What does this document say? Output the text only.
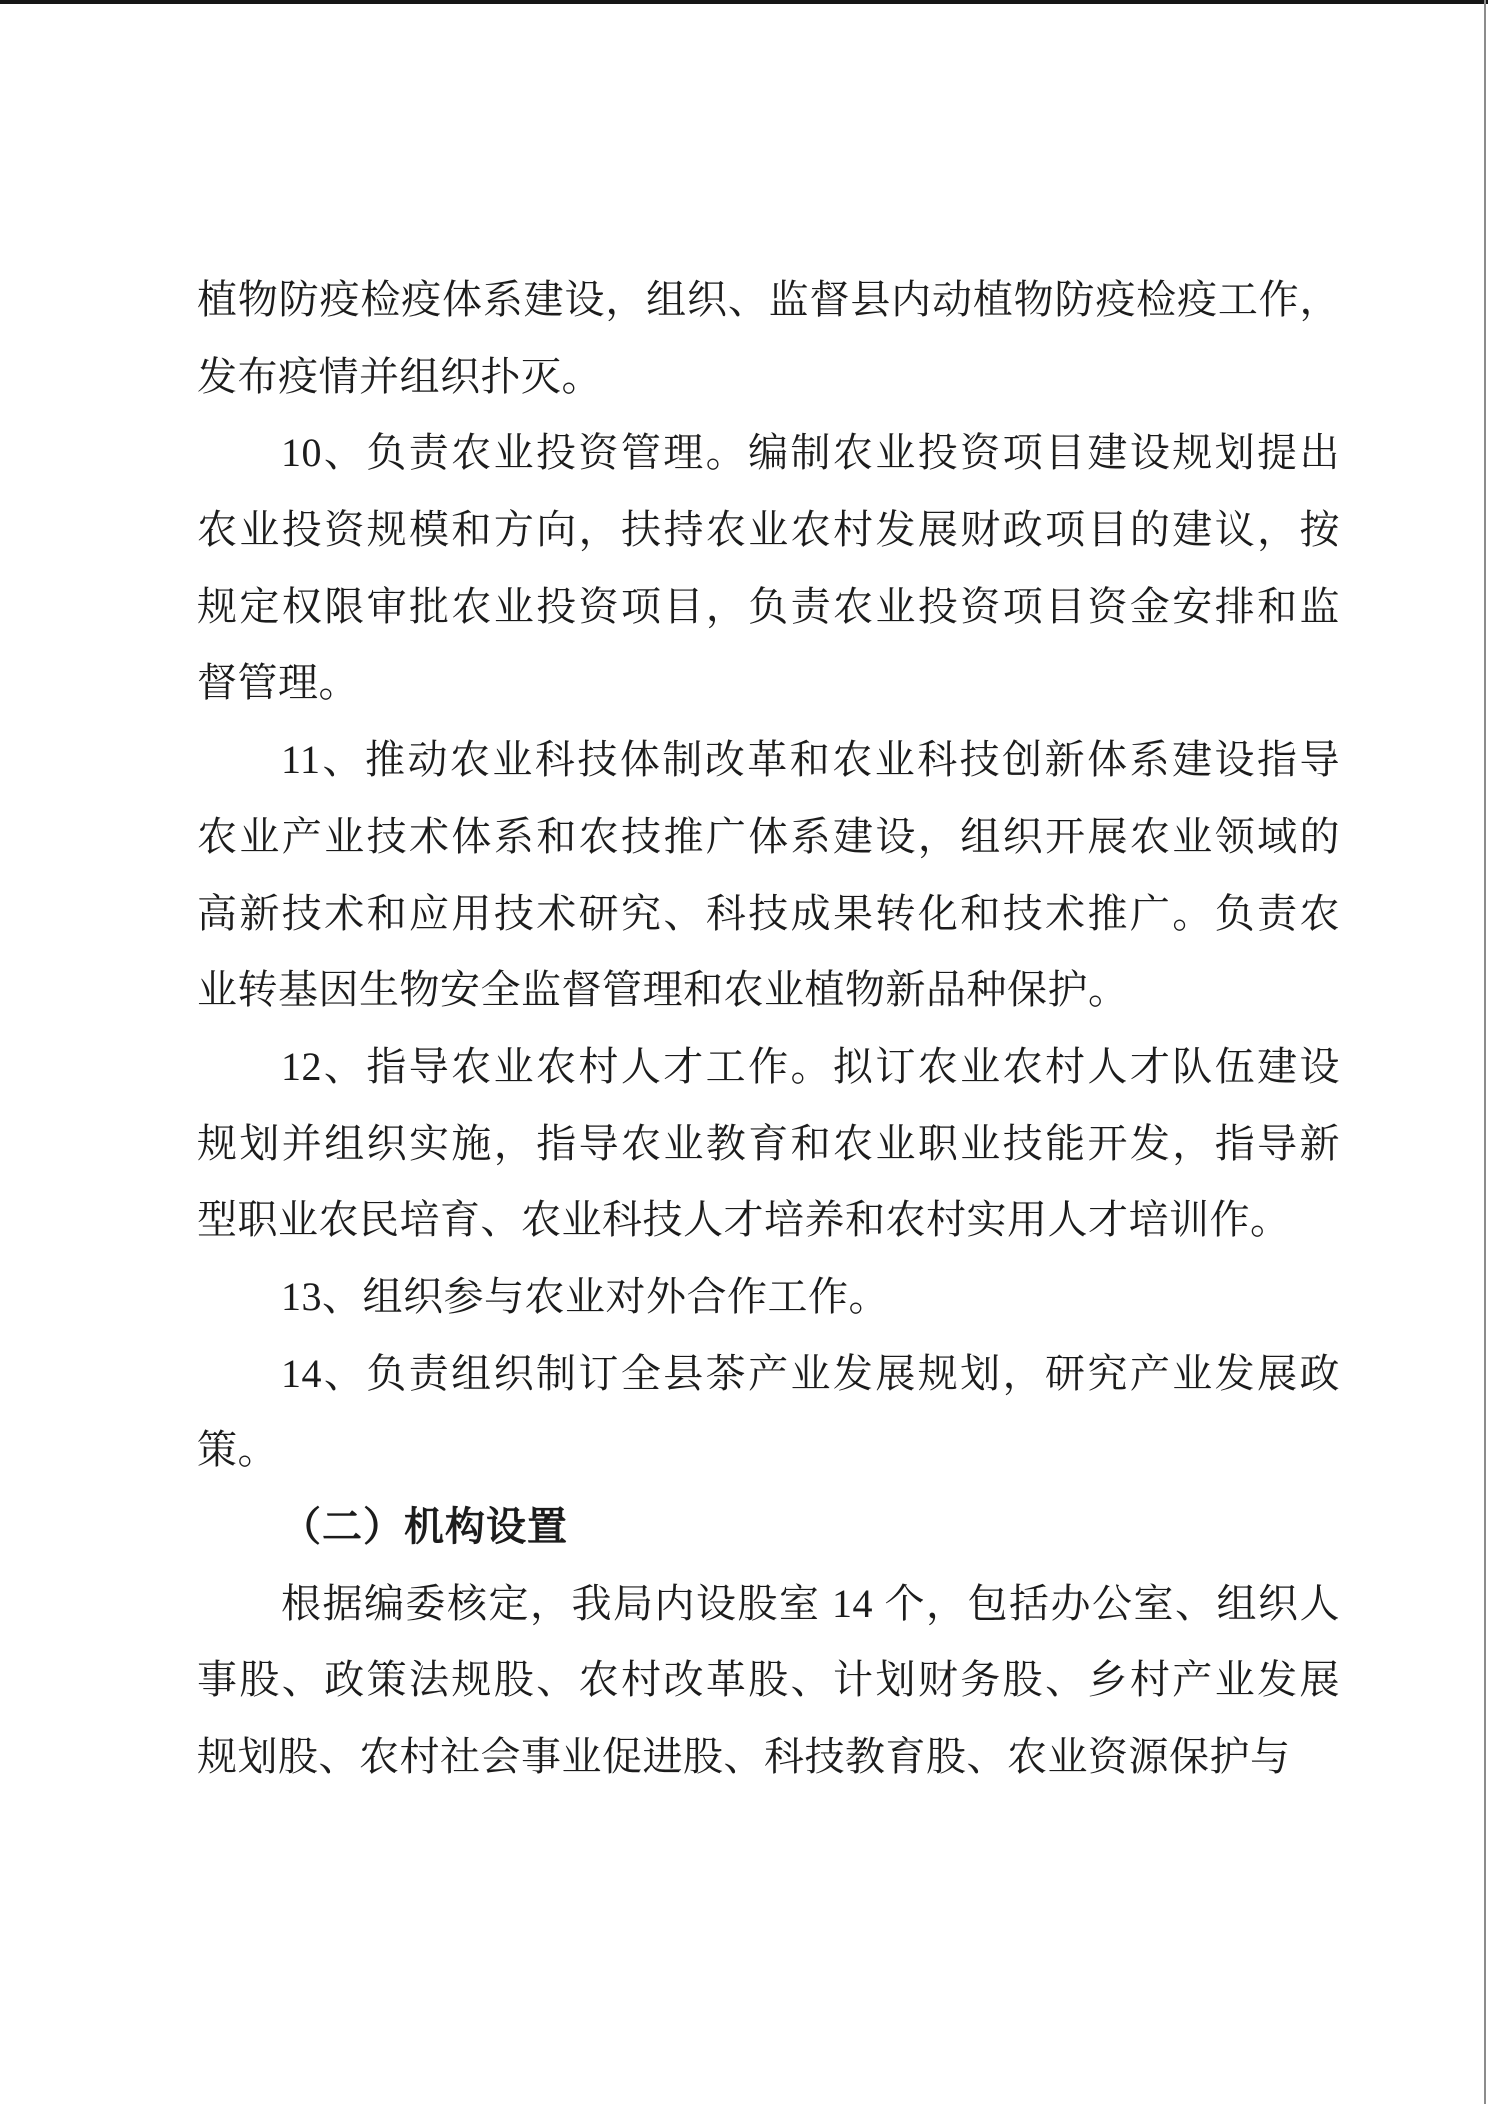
植物防疫检疫体系建设，组织、监督县内动植物防疫检疫工作，
发布疫情并组织扑灭。
10、负责农业投资管理。编制农业投资项目建设规划提出
农业投资规模和方向，扶持农业农村发展财政项目的建议，按
规定权限审批农业投资项目，负责农业投资项目资金安排和监
督管理。
11、推动农业科技体制改革和农业科技创新体系建设指导
农业产业技术体系和农技推广体系建设，组织开展农业领域的
高新技术和应用技术研究、科技成果转化和技术推广。负责农
业转基因生物安全监督管理和农业植物新品种保护。
12、指导农业农村人才工作。拟订农业农村人才队伍建设
规划并组织实施，指导农业教育和农业职业技能开发，指导新
型职业农民培育、农业科技人才培养和农村实用人才培训作。
13、组织参与农业对外合作工作。
14、负责组织制订全县茶产业发展规划，研究产业发展政
策。
（二）机构设置
根据编委核定，我局内设股室 14 个，包括办公室、组织人
事股、政策法规股、农村改革股、计划财务股、乡村产业发展
规划股、农村社会事业促进股、科技教育股、农业资源保护与
